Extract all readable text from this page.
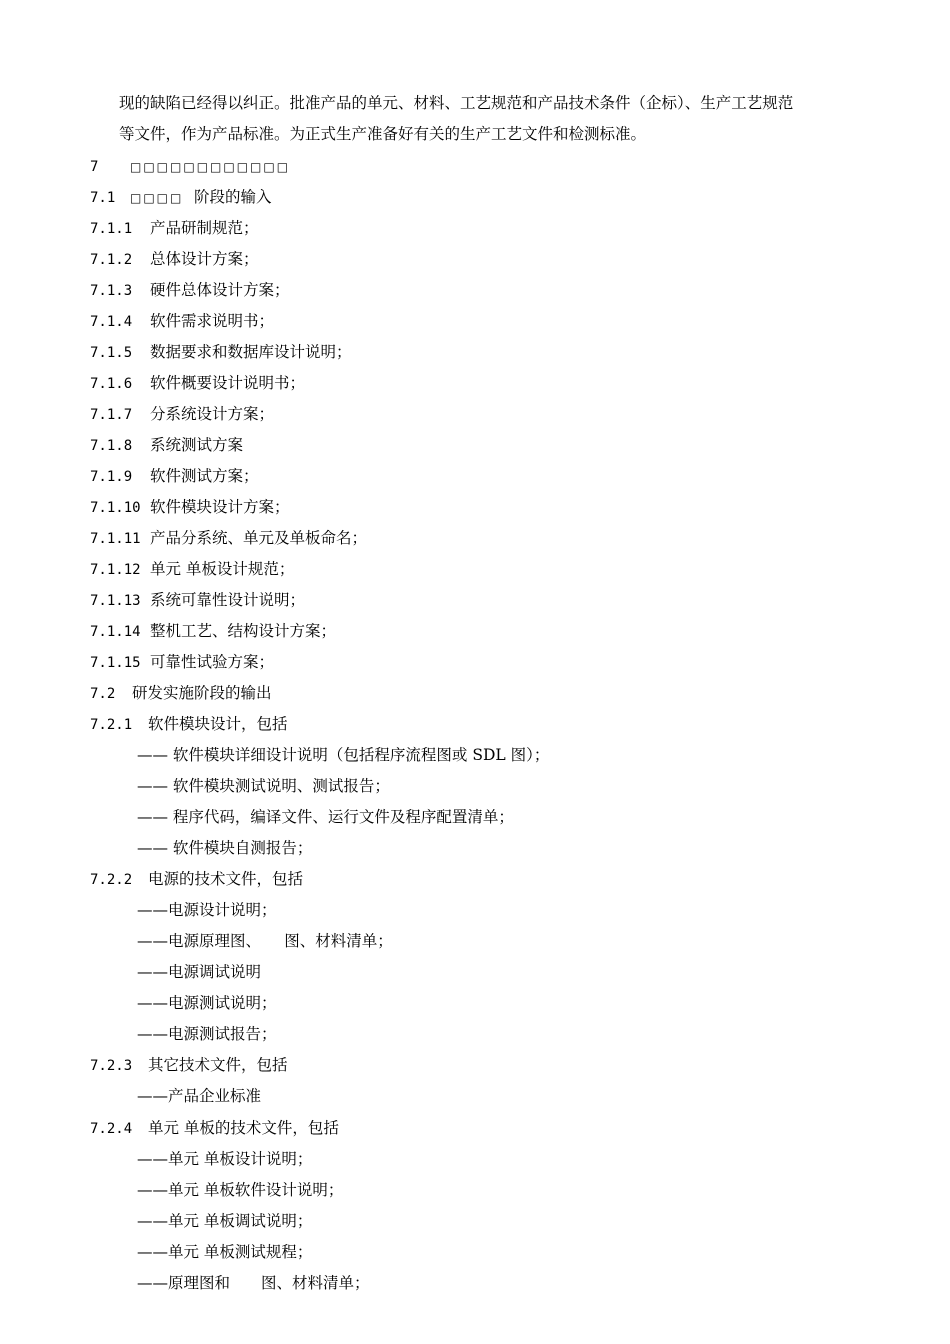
现的缺陷已经得以纠正。批准产品的单元、材料、工艺规范和产品技术条件（企标）、生产工艺规范
等文件，作为产品标准。为正式生产准备好有关的生产工艺文件和检测标准。
7	□□□□□□□□□□□□
7.1 □□□□ 阶段的输入
7.1.1 产品研制规范；
7.1.2 总体设计方案；
7.1.3 硬件总体设计方案；
7.1.4 软件需求说明书；
7.1.5 数据要求和数据库设计说明；
7.1.6 软件概要设计说明书；
7.1.7 分系统设计方案；
7.1.8 系统测试方案
7.1.9 软件测试方案；
7.1.10 软件模块设计方案；
7.1.11 产品分系统、单元及单板命名；
7.1.12 单元 单板设计规范；
7.1.13 系统可靠性设计说明；
7.1.14 整机工艺、结构设计方案；
7.1.15 可靠性试验方案；
7.2 研发实施阶段的输出
7.2.1 软件模块设计，包括
—— 软件模块详细设计说明（包括程序流程图或 SDL 图）；
—— 软件模块测试说明、测试报告；
—— 程序代码，编译文件、运行文件及程序配置清单；
—— 软件模块自测报告；
7.2.2 电源的技术文件，包括
——电源设计说明；
——电源原理图、　　图、材料清单；
——电源调试说明
——电源测试说明；
——电源测试报告；
7.2.3 其它技术文件，包括
——产品企业标准
7.2.4 单元 单板的技术文件，包括
——单元 单板设计说明；
——单元 单板软件设计说明；
——单元 单板调试说明；
——单元 单板测试规程；
——原理图和　　图、材料清单；
